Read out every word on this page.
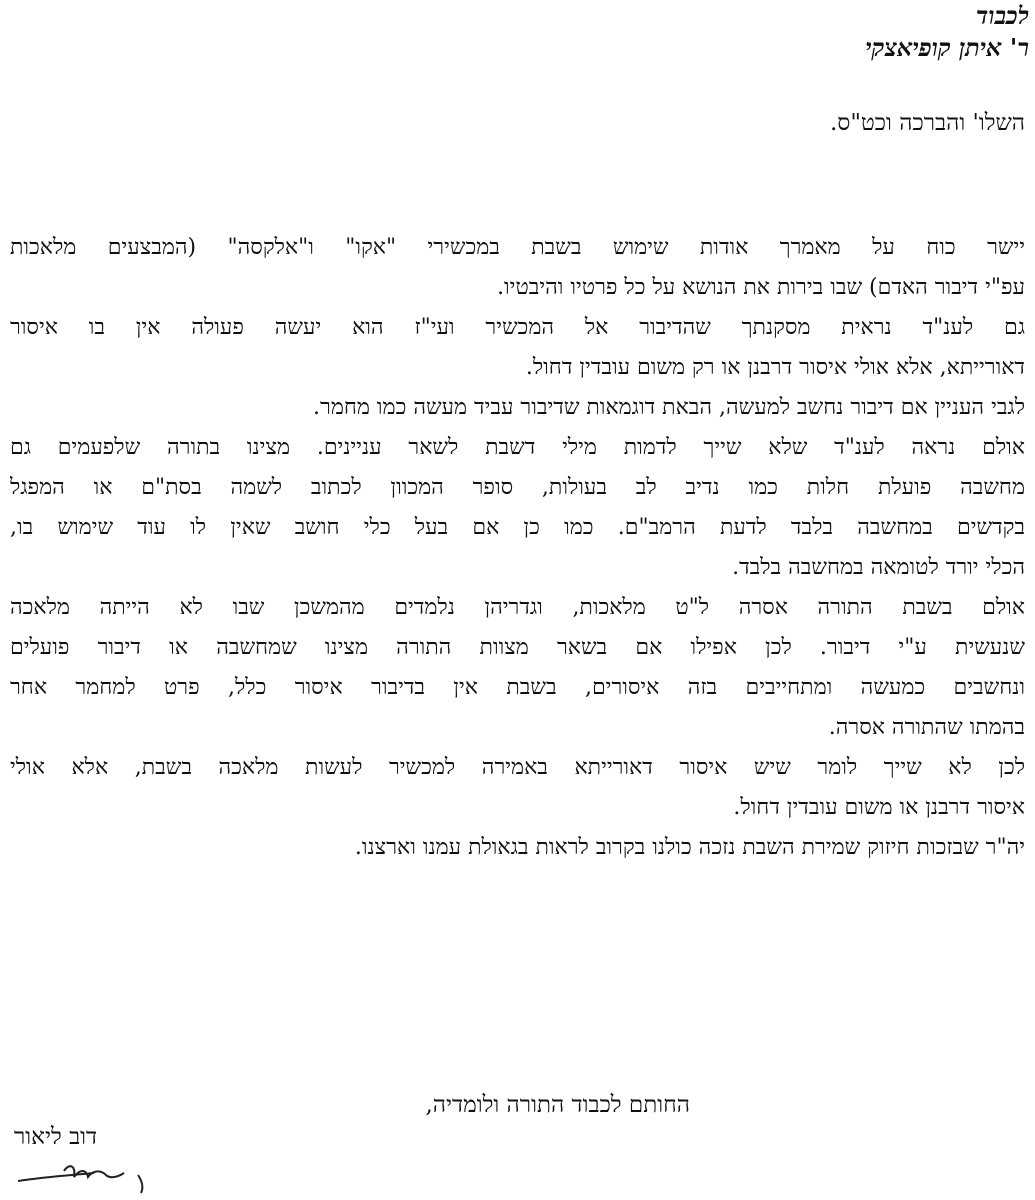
לכבוד
ר' איתן קופיאצקי
השלו' והברכה וכט"ס.
יישר כוח על מאמרך אודות שימוש בשבת במכשירי "אקו" ו"אלקסה" (המבצעים מלאכות
עפ"י דיבור האדם) שבו בירות את הנושא על כל פרטיו והיבטיו.
גם לענ"ד נראית מסקנתך שהדיבור אל המכשיר ועי"ז הוא יעשה פעולה אין בו איסור
דאורייתא, אלא אולי איסור דרבנן או רק משום עובדין דחול.
לגבי העניין אם דיבור נחשב למעשה, הבאת דוגמאות שדיבור עביד מעשה כמו מחמר.
אולם נראה לענ"ד שלא שייך לדמות מילי דשבת לשאר עניינים. מצינו בתורה שלפעמים גם
מחשבה פועלת חלות כמו נדיב לב בעולות, סופר המכוון לכתוב לשמה בסת"ם או המפגל
בקדשים במחשבה בלבד לדעת הרמב"ם. כמו כן אם בעל כלי חושב שאין לו עוד שימוש בו,
הכלי יורד לטומאה במחשבה בלבד.
אולם בשבת התורה אסרה ל"ט מלאכות, וגדריהן נלמדים מהמשכן שבו לא הייתה מלאכה
שנעשית ע"י דיבור. לכן אפילו אם בשאר מצוות התורה מצינו שמחשבה או דיבור פועלים
ונחשבים כמעשה ומתחייבים בזה איסורים, בשבת אין בדיבור איסור כלל, פרט למחמר אחר
בהמתו שהתורה אסרה.
לכן לא שייך לומר שיש איסור דאורייתא באמירה למכשיר לעשות מלאכה בשבת, אלא אולי
איסור דרבנן או משום עובדין דחול.
יה"ר שבזכות חיזוק שמירת השבת נזכה כולנו בקרוב לראות בגאולת עמנו וארצנו.
החותם לכבוד התורה ולומדיה,
דוב ליאור
